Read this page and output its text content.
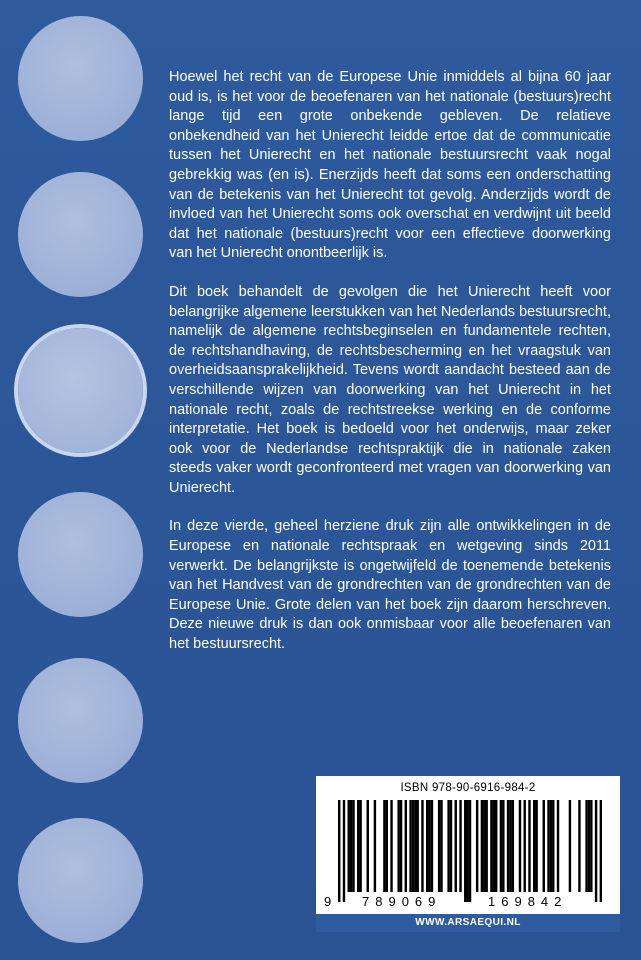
Hoewel het recht van de Europese Unie inmiddels al bijna 60 jaar oud is, is het voor de beoefenaren van het nationale (bestuurs)recht lange tijd een grote onbekende gebleven. De relatieve onbekendheid van het Unierecht leidde ertoe dat de communicatie tussen het Unierecht en het nationale bestuursrecht vaak nogal gebrekkig was (en is). Enerzijds heeft dat soms een onderschatting van de betekenis van het Unierecht tot gevolg. Anderzijds wordt de invloed van het Unierecht soms ook overschat en verdwijnt uit beeld dat het nationale (bestuurs)recht voor een effectieve doorwerking van het Unierecht onontbeerlijk is.

Dit boek behandelt de gevolgen die het Unierecht heeft voor belangrijke algemene leerstukken van het Nederlands bestuursrecht, namelijk de algemene rechtsbeginselen en fundamentele rechten, de rechtshandhaving, de rechtsbescherming en het vraagstuk van overheidsaansprakelijkheid. Tevens wordt aandacht besteed aan de verschillende wijzen van doorwerking van het Unierecht in het nationale recht, zoals de rechtstreekse werking en de conforme interpretatie. Het boek is bedoeld voor het onderwijs, maar zeker ook voor de Nederlandse rechtspraktijk die in nationale zaken steeds vaker wordt geconfronteerd met vragen van doorwerking van Unierecht.

In deze vierde, geheel herziene druk zijn alle ontwikkelingen in de Europese en nationale rechtspraak en wetgeving sinds 2011 verwerkt. De belangrijkste is ongetwijfeld de toenemende betekenis van het Handvest van de grondrechten van de grondrechten van de Europese Unie. Grote delen van het boek zijn daarom herschreven. Deze nieuwe druk is dan ook onmisbaar voor alle beoefenaren van het bestuursrecht.

ISBN 978-90-6916-984-2
9 789069	169842
WWW.ARSAEQUI.NL
